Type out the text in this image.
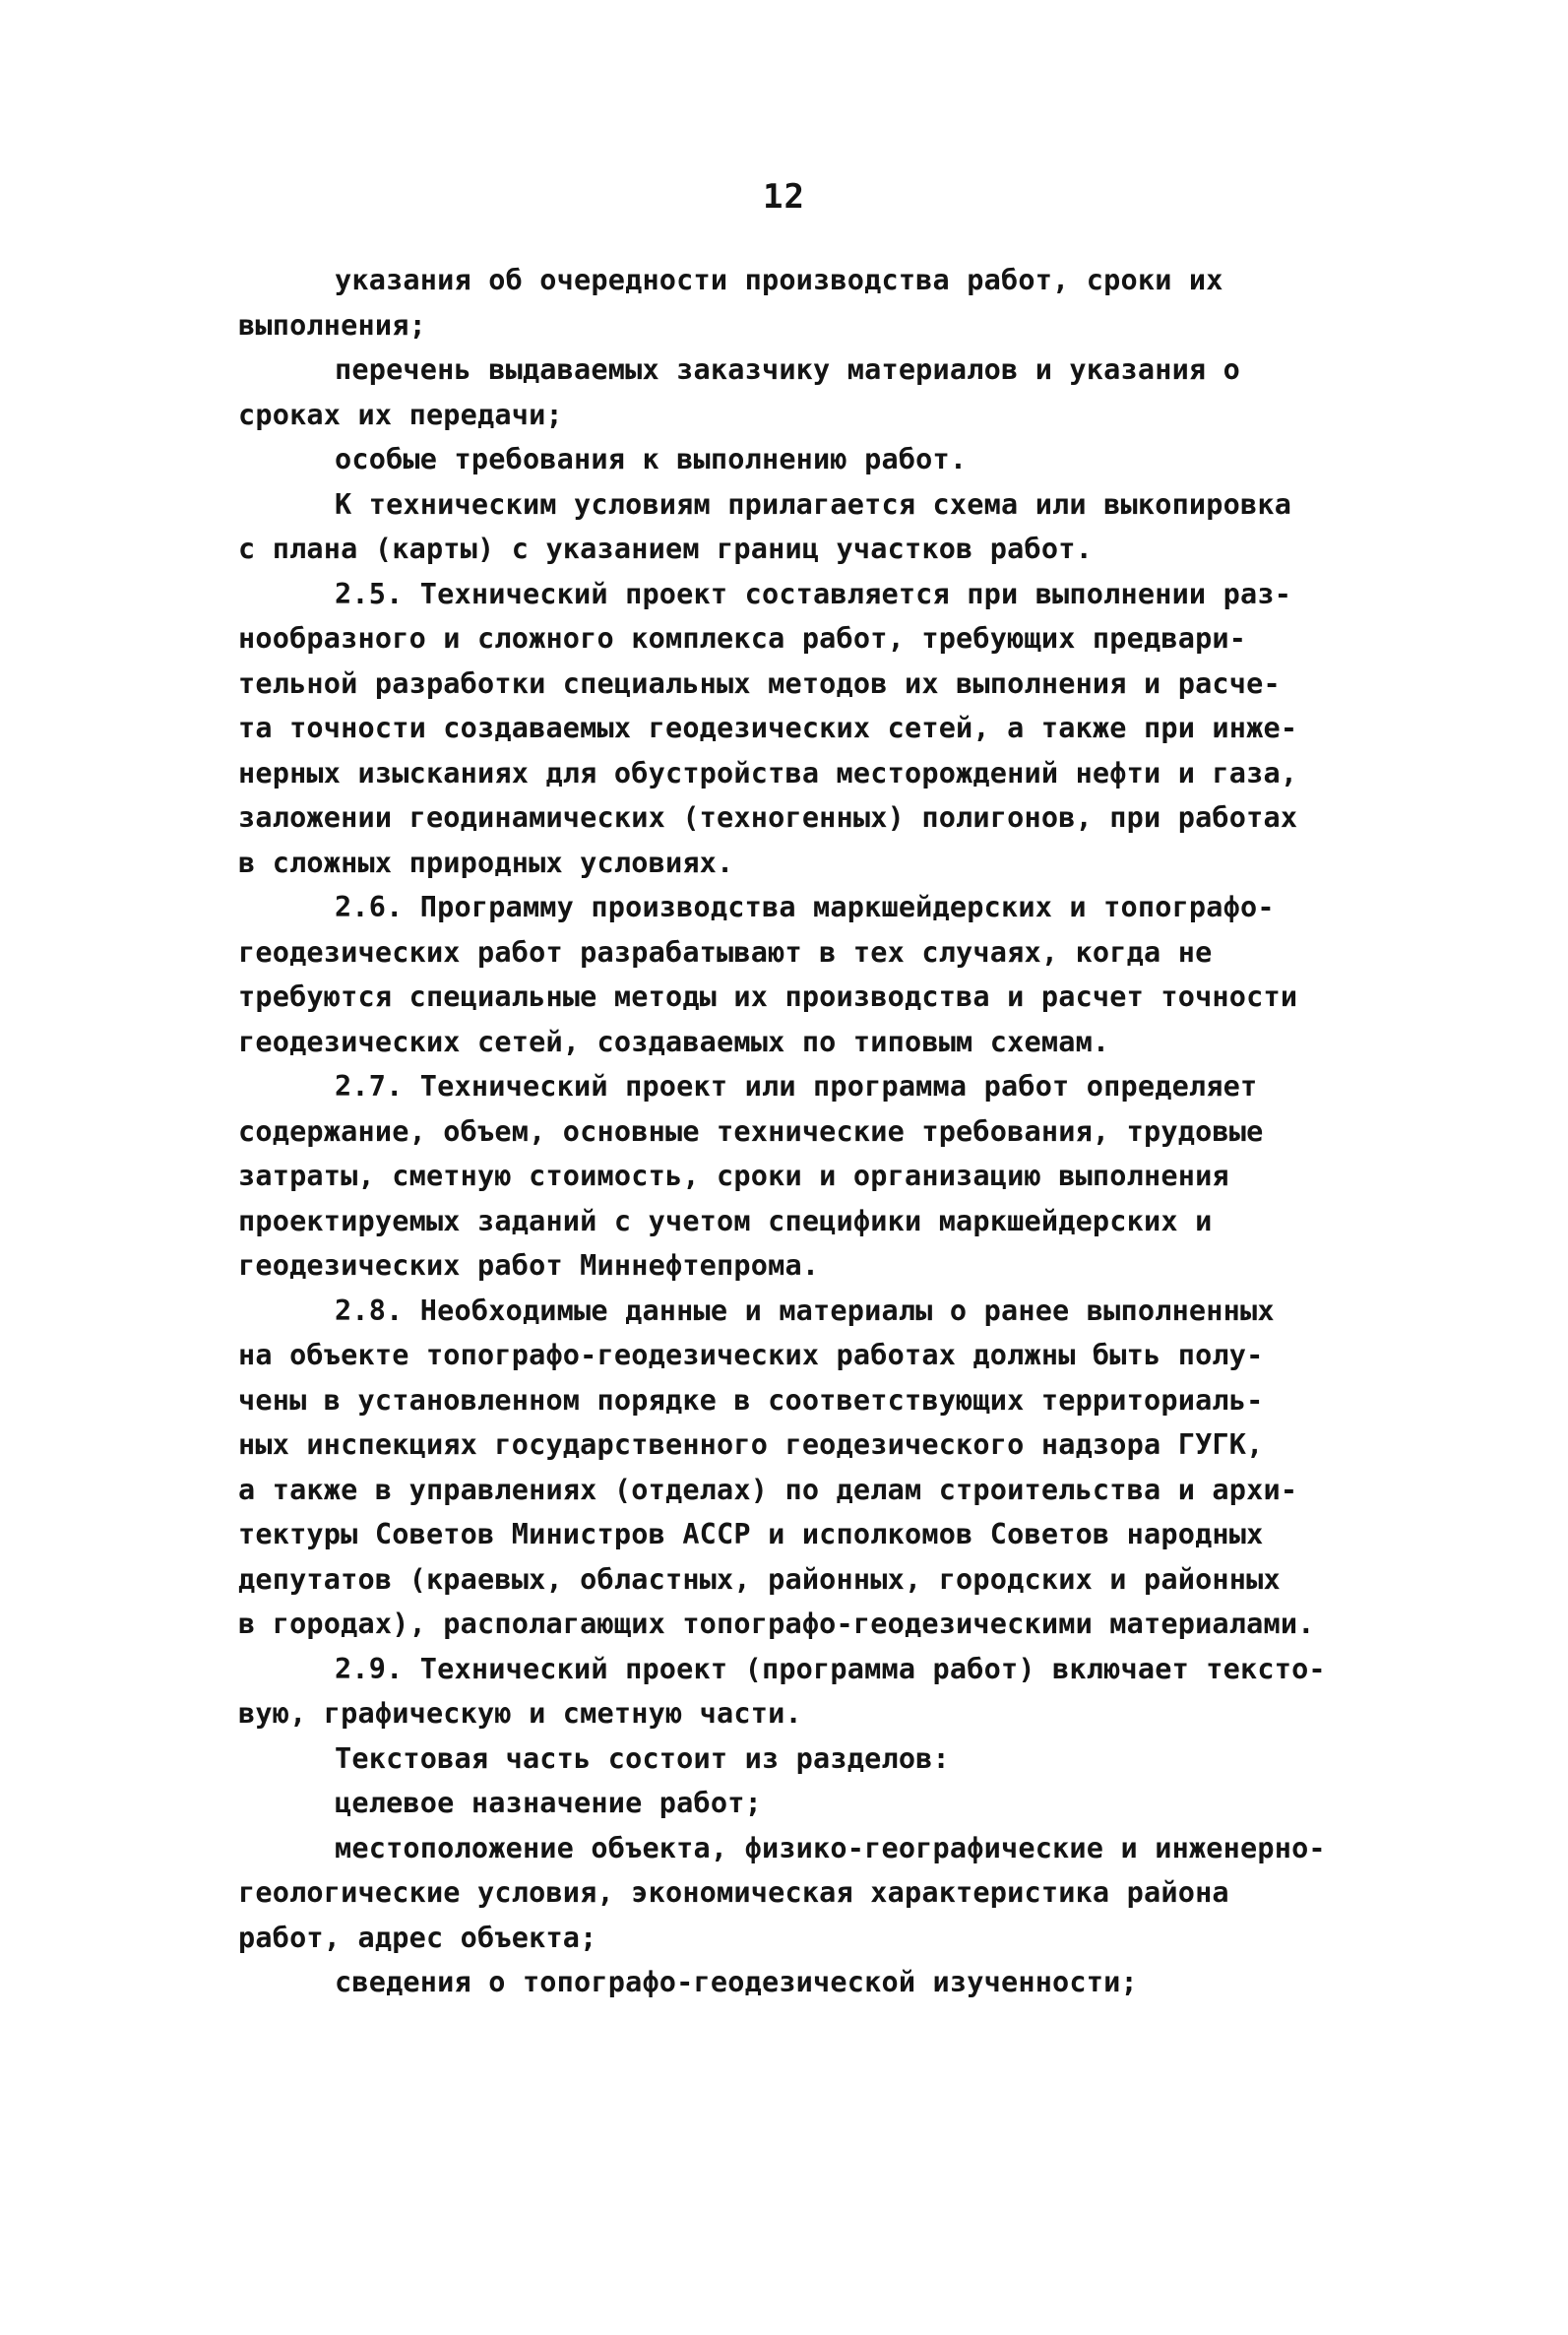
12
указания об очередности производства работ, сроки их
выполнения;
перечень выдаваемых заказчику материалов и указания о
сроках их передачи;
особые требования к выполнению работ.
К техническим условиям прилагается схема или выкопировка
с плана (карты) с указанием границ участков работ.
2.5. Технический проект составляется при выполнении раз-
нообразного и сложного комплекса работ, требующих предвари-
тельной разработки специальных методов их выполнения и расче-
та точности создаваемых геодезических сетей, а также при инже-
нерных изысканиях для обустройства месторождений нефти и газа,
заложении геодинамических (техногенных) полигонов, при работах
в сложных природных условиях.
2.6. Программу производства маркшейдерских и топографо-
геодезических работ разрабатывают в тех случаях, когда не
требуются специальные методы их производства и расчет точности
геодезических сетей, создаваемых по типовым схемам.
2.7. Технический проект или программа работ определяет
содержание, объем, основные технические требования, трудовые
затраты, сметную стоимость, сроки и организацию выполнения
проектируемых заданий с учетом специфики маркшейдерских и
геодезических работ Миннефтепрома.
2.8. Необходимые данные и материалы о ранее выполненных
на объекте топографо-геодезических работах должны быть полу-
чены в установленном порядке в соответствующих территориаль-
ных инспекциях государственного геодезического надзора ГУГК,
а также в управлениях (отделах) по делам строительства и архи-
тектуры Советов Министров АССР и исполкомов Советов народных
депутатов (краевых, областных, районных, городских и районных
в городах), располагающих топографо-геодезическими материалами.
2.9. Технический проект (программа работ) включает тексто-
вую, графическую и сметную части.
Текстовая часть состоит из разделов:
целевое назначение работ;
местоположение объекта, физико-географические и инженерно-
геологические условия, экономическая характеристика района
работ, адрес объекта;
сведения о топографо-геодезической изученности;
